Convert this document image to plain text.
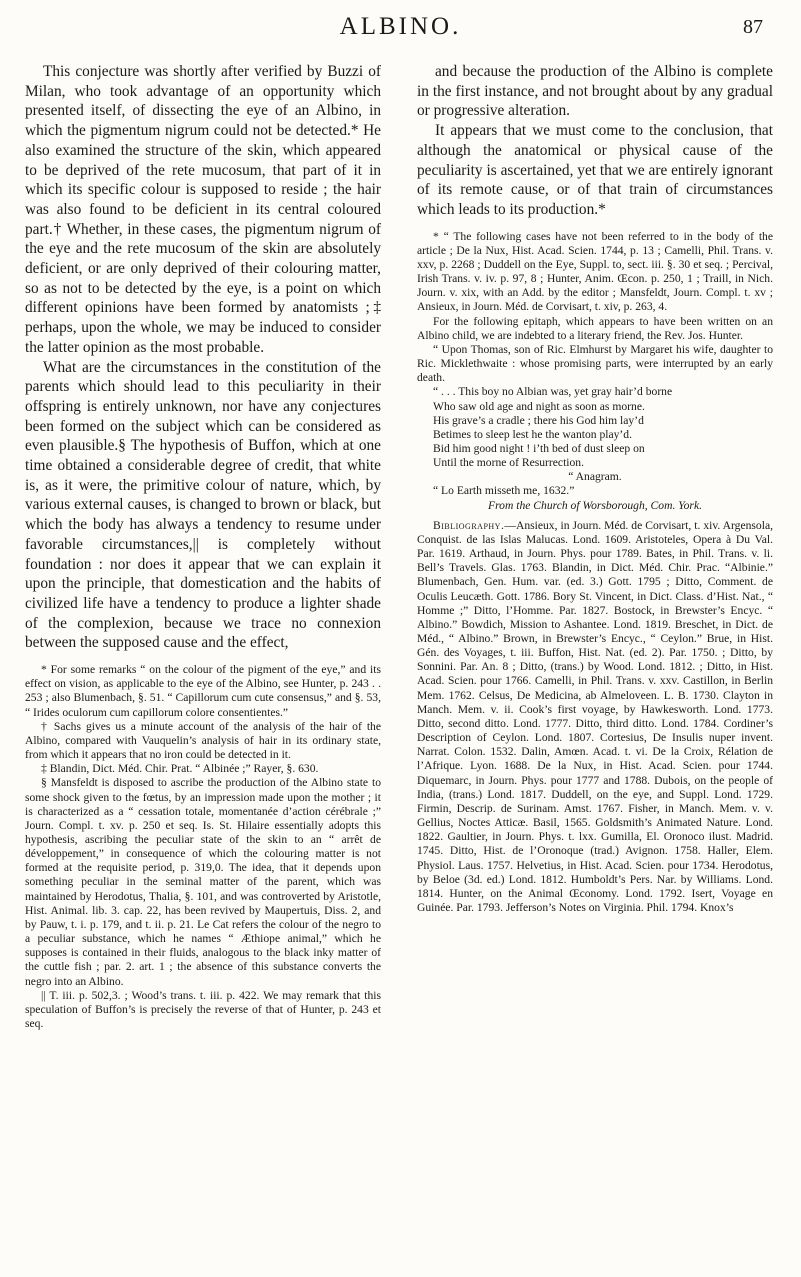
ALBINO.	87

This conjecture was shortly after verified by Buzzi of Milan, who took advantage of an opportunity which presented itself, of dissecting the eye of an Albino, in which the pigmentum nigrum could not be detected.* He also examined the structure of the skin, which appeared to be deprived of the rete mucosum, that part of it in which its specific colour is supposed to reside ; the hair was also found to be deficient in its central coloured part.† Whether, in these cases, the pigmentum nigrum of the eye and the rete mucosum of the skin are absolutely deficient, or are only deprived of their colouring matter, so as not to be detected by the eye, is a point on which different opinions have been formed by anatomists ;‡ perhaps, upon the whole, we may be induced to consider the latter opinion as the most probable.

What are the circumstances in the constitution of the parents which should lead to this peculiarity in their offspring is entirely unknown, nor have any conjectures been formed on the subject which can be considered as even plausible.§ The hypothesis of Buffon, which at one time obtained a considerable degree of credit, that white is, as it were, the primitive colour of nature, which, by various external causes, is changed to brown or black, but which the body has always a tendency to resume under favorable circumstances,|| is completely without foundation : nor does it appear that we can explain it upon the principle, that domestication and the habits of civilized life have a tendency to produce a lighter shade of the complexion, because we trace no connexion between the supposed cause and the effect,

* For some remarks “ on the colour of the pigment of the eye,” and its effect on vision, as applicable to the eye of the Albino, see Hunter, p. 243 . . 253 ; also Blumenbach, §. 51. “ Capillorum cum cute consensus,” and §. 53, “ Irides oculorum cum capillorum colore consentientes.”

† Sachs gives us a minute account of the analysis of the hair of the Albino, compared with Vauquelin’s analysis of hair in its ordinary state, from which it appears that no iron could be detected in it.

‡ Blandin, Dict. Méd. Chir. Prat. “ Albinée ;” Rayer, §. 630.

§ Mansfeldt is disposed to ascribe the production of the Albino state to some shock given to the fœtus, by an impression made upon the mother ; it is characterized as a “ cessation totale, momentanée d’action cérébrale ;” Journ. Compl. t. xv. p. 250 et seq. Is. St. Hilaire essentially adopts this hypothesis, ascribing the peculiar state of the skin to an “ arrêt de développement,” in consequence of which the colouring matter is not formed at the requisite period, p. 319,0. The idea, that it depends upon something peculiar in the seminal matter of the parent, which was maintained by Herodotus, Thalia, §. 101, and was controverted by Aristotle, Hist. Animal. lib. 3. cap. 22, has been revived by Maupertuis, Diss. 2, and by Pauw, t. i. p. 179, and t. ii. p. 21. Le Cat refers the colour of the negro to a peculiar substance, which he names “ Æthiope animal,” which he supposes is contained in their fluids, analogous to the black inky matter of the cuttle fish ; par. 2. art. 1 ; the absence of this substance converts the negro into an Albino.

|| T. iii. p. 502,3. ; Wood’s trans. t. iii. p. 422. We may remark that this speculation of Buffon’s is precisely the reverse of that of Hunter, p. 243 et seq.

and because the production of the Albino is complete in the first instance, and not brought about by any gradual or progressive alteration.

It appears that we must come to the conclusion, that although the anatomical or physical cause of the peculiarity is ascertained, yet that we are entirely ignorant of its remote cause, or of that train of circumstances which leads to its production.*

* “ The following cases have not been referred to in the body of the article ; De la Nux, Hist. Acad. Scien. 1744, p. 13 ; Camelli, Phil. Trans. v. xxv, p. 2268 ; Duddell on the Eye, Suppl. to, sect. iii. §. 30 et seq. ; Percival, Irish Trans. v. iv. p. 97, 8 ; Hunter, Anim. Œcon. p. 250, 1 ; Traill, in Nich. Journ. v. xix, with an Add. by the editor ; Mansfeldt, Journ. Compl. t. xv ; Ansieux, in Journ. Méd. de Corvisart, t. xiv, p. 263, 4.

For the following epitaph, which appears to have been written on an Albino child, we are indebted to a literary friend, the Rev. Jos. Hunter.

“ Upon Thomas, son of Ric. Elmhurst by Margaret his wife, daughter to Ric. Micklethwaite : whose promising parts, were interrupted by an early death.

“ . . . This boy no Albian was, yet gray hair’d borne

Who saw old age and night as soon as morne.

His grave’s a cradle ; there his God him lay’d

Betimes to sleep lest he the wanton play’d.

Bid him good night ! i’th bed of dust sleep on

Until the morne of Resurrection.

“ Anagram.

“ Lo Earth misseth me, 1632.”

From the Church of Worsborough, Com. York.

Bibliography.—Ansieux, in Journ. Méd. de Corvisart, t. xiv. Argensola, Conquist. de las Islas Malucas. Lond. 1609. Aristoteles, Opera à Du Val. Par. 1619. Arthaud, in Journ. Phys. pour 1789. Bates, in Phil. Trans. v. li. Bell’s Travels. Glas. 1763. Blandin, in Dict. Méd. Chir. Prac. “Albinie.” Blumenbach, Gen. Hum. var. (ed. 3.) Gott. 1795 ; Ditto, Comment. de Oculis Leucæth. Gott. 1786. Bory St. Vincent, in Dict. Class. d’Hist. Nat., “ Homme ;” Ditto, l’Homme. Par. 1827. Bostock, in Brewster’s Encyc. “ Albino.” Bowdich, Mission to Ashantee. Lond. 1819. Breschet, in Dict. de Méd., “ Albino.” Brown, in Brewster’s Encyc., “ Ceylon.” Brue, in Hist. Gén. des Voyages, t. iii. Buffon, Hist. Nat. (ed. 2). Par. 1750. ; Ditto, by Sonnini. Par. An. 8 ; Ditto, (trans.) by Wood. Lond. 1812. ; Ditto, in Hist. Acad. Scien. pour 1766. Camelli, in Phil. Trans. v. xxv. Castillon, in Berlin Mem. 1762. Celsus, De Medicina, ab Almeloveen. L. B. 1730. Clayton in Manch. Mem. v. ii. Cook’s first voyage, by Hawkesworth. Lond. 1773. Ditto, second ditto. Lond. 1777. Ditto, third ditto. Lond. 1784. Cordiner’s Description of Ceylon. Lond. 1807. Cortesius, De Insulis nuper invent. Narrat. Colon. 1532. Dalin, Amœn. Acad. t. vi. De la Croix, Rélation de l’Afrique. Lyon. 1688. De la Nux, in Hist. Acad. Scien. pour 1744. Diquemarc, in Journ. Phys. pour 1777 and 1788. Dubois, on the people of India, (trans.) Lond. 1817. Duddell, on the eye, and Suppl. Lond. 1729. Firmin, Descrip. de Surinam. Amst. 1767. Fisher, in Manch. Mem. v. v. Gellius, Noctes Atticæ. Basil, 1565. Goldsmith’s Animated Nature. Lond. 1822. Gaultier, in Journ. Phys. t. lxx. Gumilla, El. Oronoco ilust. Madrid. 1745. Ditto, Hist. de l’Oronoque (trad.) Avignon. 1758. Haller, Elem. Physiol. Laus. 1757. Helvetius, in Hist. Acad. Scien. pour 1734. Herodotus, by Beloe (3d. ed.) Lond. 1812. Humboldt’s Pers. Nar. by Williams. Lond. 1814. Hunter, on the Animal Œconomy. Lond. 1792. Isert, Voyage en Guinée. Par. 1793. Jefferson’s Notes on Virginia. Phil. 1794. Knox’s
